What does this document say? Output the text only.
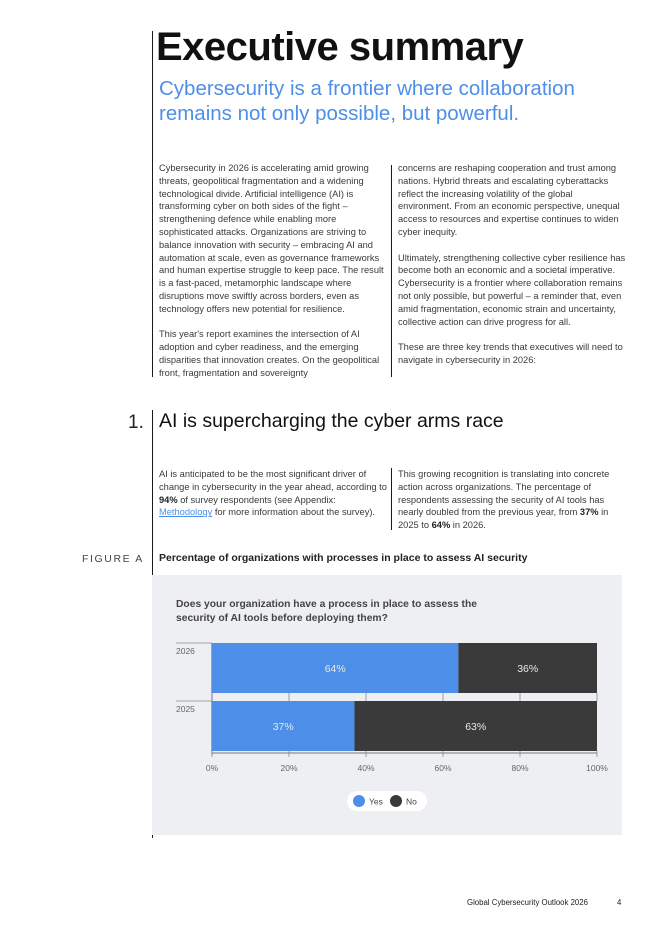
Executive summary
Cybersecurity is a frontier where collaboration remains not only possible, but powerful.
Cybersecurity in 2026 is accelerating amid growing threats, geopolitical fragmentation and a widening technological divide. Artificial intelligence (AI) is transforming cyber on both sides of the fight – strengthening defence while enabling more sophisticated attacks. Organizations are striving to balance innovation with security – embracing AI and automation at scale, even as governance frameworks and human expertise struggle to keep pace. The result is a fast-paced, metamorphic landscape where disruptions move swiftly across borders, even as technology offers new potential for resilience.
This year's report examines the intersection of AI adoption and cyber readiness, and the emerging disparities that innovation creates. On the geopolitical front, fragmentation and sovereignty
concerns are reshaping cooperation and trust among nations. Hybrid threats and escalating cyberattacks reflect the increasing volatility of the global environment. From an economic perspective, unequal access to resources and expertise continues to widen cyber inequity.
Ultimately, strengthening collective cyber resilience has become both an economic and a societal imperative. Cybersecurity is a frontier where collaboration remains not only possible, but powerful – a reminder that, even amid fragmentation, economic strain and uncertainty, collective action can drive progress for all.
These are three key trends that executives will need to navigate in cybersecurity in 2026:
1. AI is supercharging the cyber arms race
AI is anticipated to be the most significant driver of change in cybersecurity in the year ahead, according to 94% of survey respondents (see Appendix: Methodology for more information about the survey).
This growing recognition is translating into concrete action across organizations. The percentage of respondents assessing the security of AI tools has nearly doubled from the previous year, from 37% in 2025 to 64% in 2026.
FIGURE A Percentage of organizations with processes in place to assess AI security
Does your organization have a process in place to assess the security of AI tools before deploying them?
0%	20%	40%	60%	80%	100%
2026
64%	36%
2025
37%	63%
Yes	No
Global Cybersecurity Outlook 2026	4
